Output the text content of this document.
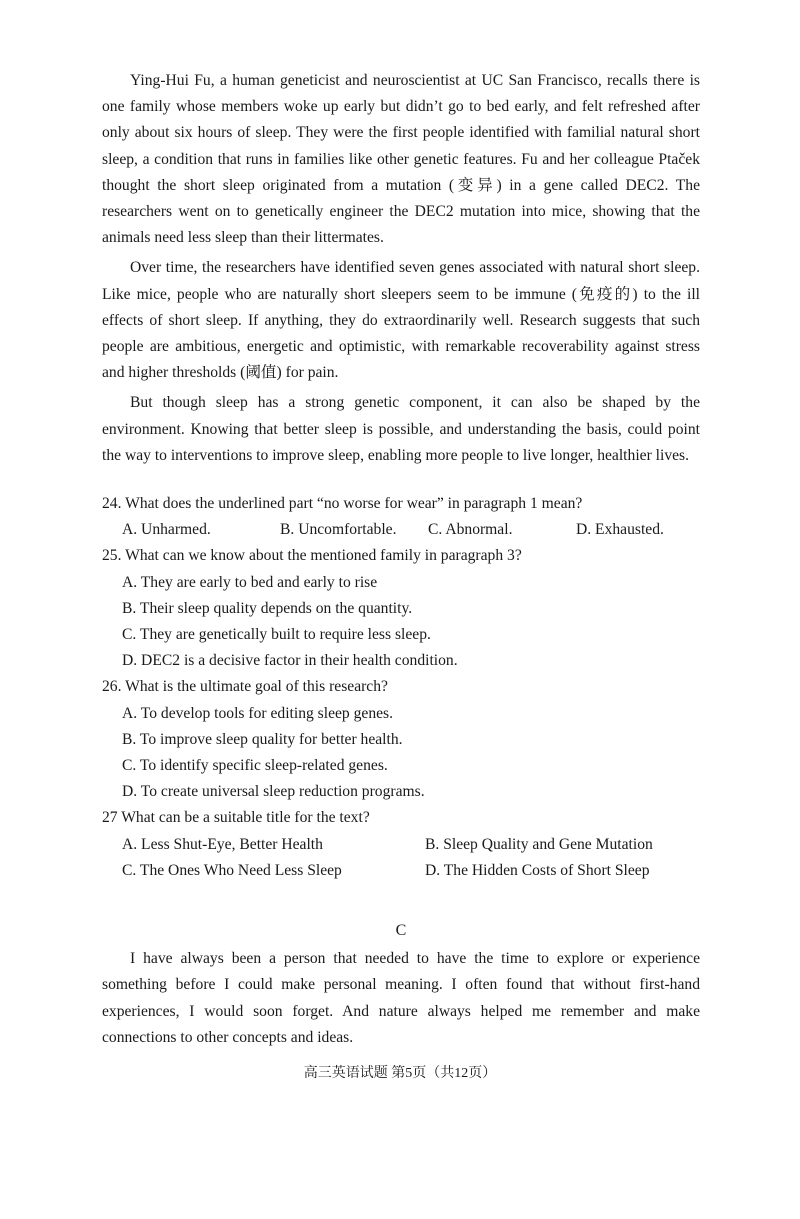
Ying-Hui Fu, a human geneticist and neuroscientist at UC San Francisco, recalls there is one family whose members woke up early but didn’t go to bed early, and felt refreshed after only about six hours of sleep. They were the first people identified with familial natural short sleep, a condition that runs in families like other genetic features. Fu and her colleague Ptaček thought the short sleep originated from a mutation (变异) in a gene called DEC2. The researchers went on to genetically engineer the DEC2 mutation into mice, showing that the animals need less sleep than their littermates.

Over time, the researchers have identified seven genes associated with natural short sleep. Like mice, people who are naturally short sleepers seem to be immune (免疫的) to the ill effects of short sleep. If anything, they do extraordinarily well. Research suggests that such people are ambitious, energetic and optimistic, with remarkable recoverability against stress and higher thresholds (阈值) for pain.

But though sleep has a strong genetic component, it can also be shaped by the environment. Knowing that better sleep is possible, and understanding the basis, could point the way to interventions to improve sleep, enabling more people to live longer, healthier lives.

24. What does the underlined part “no worse for wear” in paragraph 1 mean?

A. Unharmed.	B. Uncomfortable.	C. Abnormal.	D. Exhausted.

25. What can we know about the mentioned family in paragraph 3?

A. They are early to bed and early to rise

B. Their sleep quality depends on the quantity.

C. They are genetically built to require less sleep.

D. DEC2 is a decisive factor in their health condition.

26. What is the ultimate goal of this research?

A. To develop tools for editing sleep genes.

B. To improve sleep quality for better health.

C. To identify specific sleep-related genes.

D. To create universal sleep reduction programs.

27 What can be a suitable title for the text?

A. Less Shut-Eye, Better Health	B. Sleep Quality and Gene Mutation
C. The Ones Who Need Less Sleep	D. The Hidden Costs of Short Sleep
C

I have always been a person that needed to have the time to explore or experience something before I could make personal meaning. I often found that without first-hand experiences, I would soon forget. And nature always helped me remember and make connections to other concepts and ideas.

高三英语试题 第5页（共12页）
